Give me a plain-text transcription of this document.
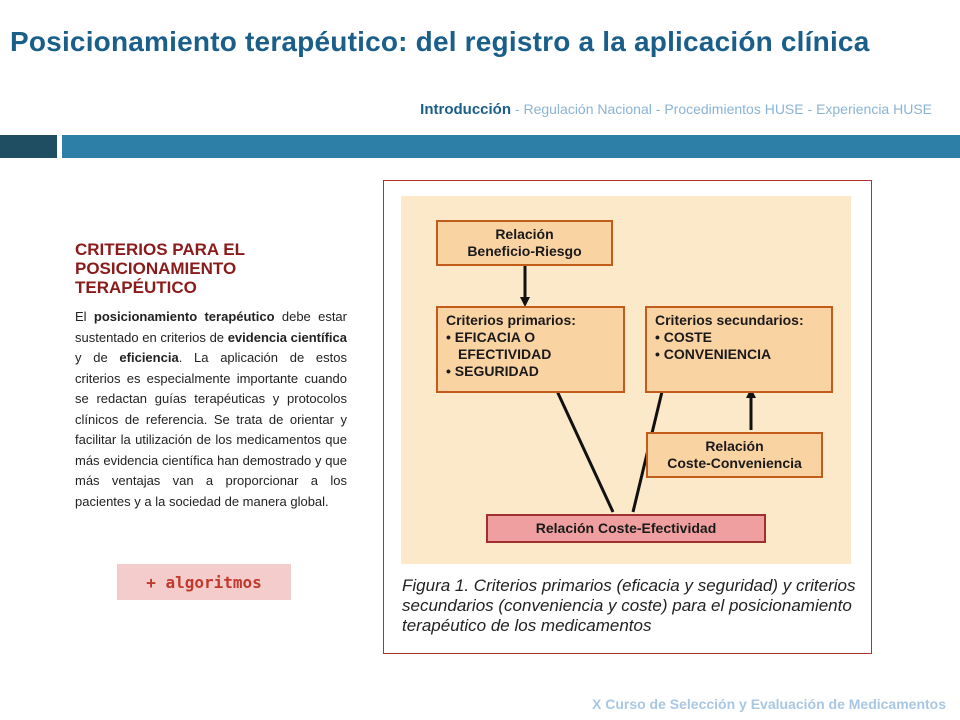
Posicionamiento terapéutico: del registro a la aplicación clínica
Introducción - Regulación Nacional - Procedimientos HUSE - Experiencia HUSE
CRITERIOS PARA EL POSICIONAMIENTO TERAPÉUTICO

El posicionamiento terapéutico debe estar sustentado en criterios de evidencia científica y de eficiencia. La aplicación de estos criterios es especialmente importante cuando se redactan guías terapéuticas y protocolos clínicos de referencia. Se trata de orientar y facilitar la utilización de los medicamentos que más evidencia científica han demostrado y que más ventajas van a proporcionar a los pacientes y a la sociedad de manera global.

+ algoritmos
Relación
Beneficio-Riesgo
Criterios primarios:
• EFICACIA O
EFECTIVIDAD
• SEGURIDAD
Criterios secundarios:
• COSTE
• CONVENIENCIA
Relación
Coste-Conveniencia
Relación Coste-Efectividad
Figura 1. Criterios primarios (eficacia y seguridad) y criterios secundarios (conveniencia y coste) para el posicionamiento terapéutico de los medicamentos
X Curso de Selección y Evaluación de Medicamentos
